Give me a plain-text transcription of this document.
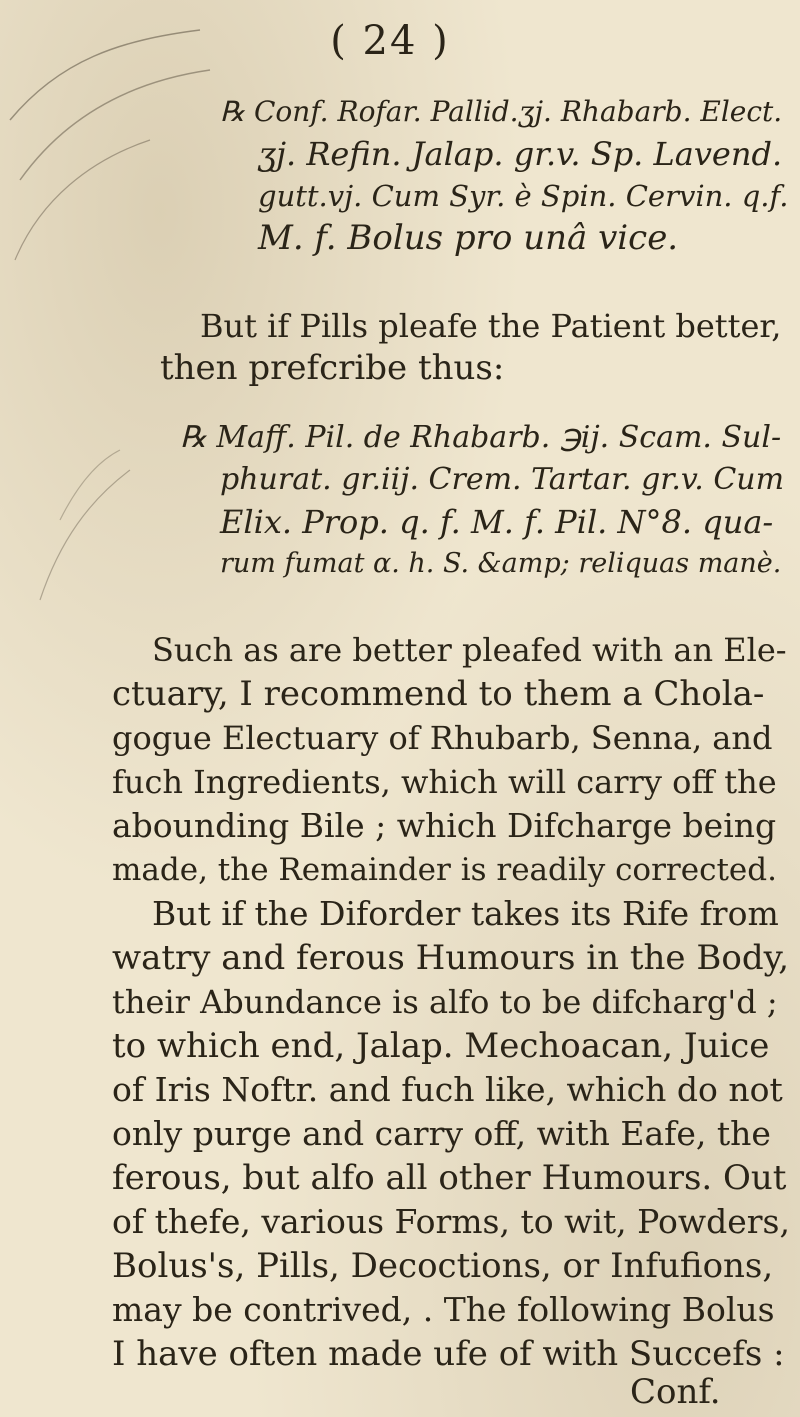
( 24 )
℞ Conf. Rofar. Pallid.ʒj. Rhabarb. Elect.
ʒj. Refin. Jalap. gr.v. Sp. Lavend.
gutt.vj. Cum Syr. è Spin. Cervin. q.f.
M. f. Bolus pro unâ vice.
But if Pills pleafe the Patient better,
then prefcribe thus:
℞ Maff. Pil. de Rhabarb. ℈ij. Scam. Sul-
phurat. gr.iij. Crem. Tartar. gr.v. Cum
Elix. Prop. q. f. M. f. Pil. N°8. qua-
rum fumat ɑ. h. S. &amp; reliquas manè.
Such as are better pleafed with an Ele-
ctuary, I recommend to them a Chola-
gogue Electuary of Rhubarb, Senna, and
fuch Ingredients, which will carry off the
abounding Bile ; which Difcharge being
made, the Remainder is readily corrected.
But if the Diforder takes its Rife from
watry and ferous Humours in the Body,
their Abundance is alfo to be difcharg'd ;
to which end, Jalap. Mechoacan, Juice
of Iris Noftr. and fuch like, which do not
only purge and carry off, with Eafe, the
ferous, but alfo all other Humours. Out
of thefe, various Forms, to wit, Powders,
Bolus's, Pills, Decoctions, or Infufions,
may be contrived, . The following Bolus
I have often made ufe of with Succefs :
Conf.
